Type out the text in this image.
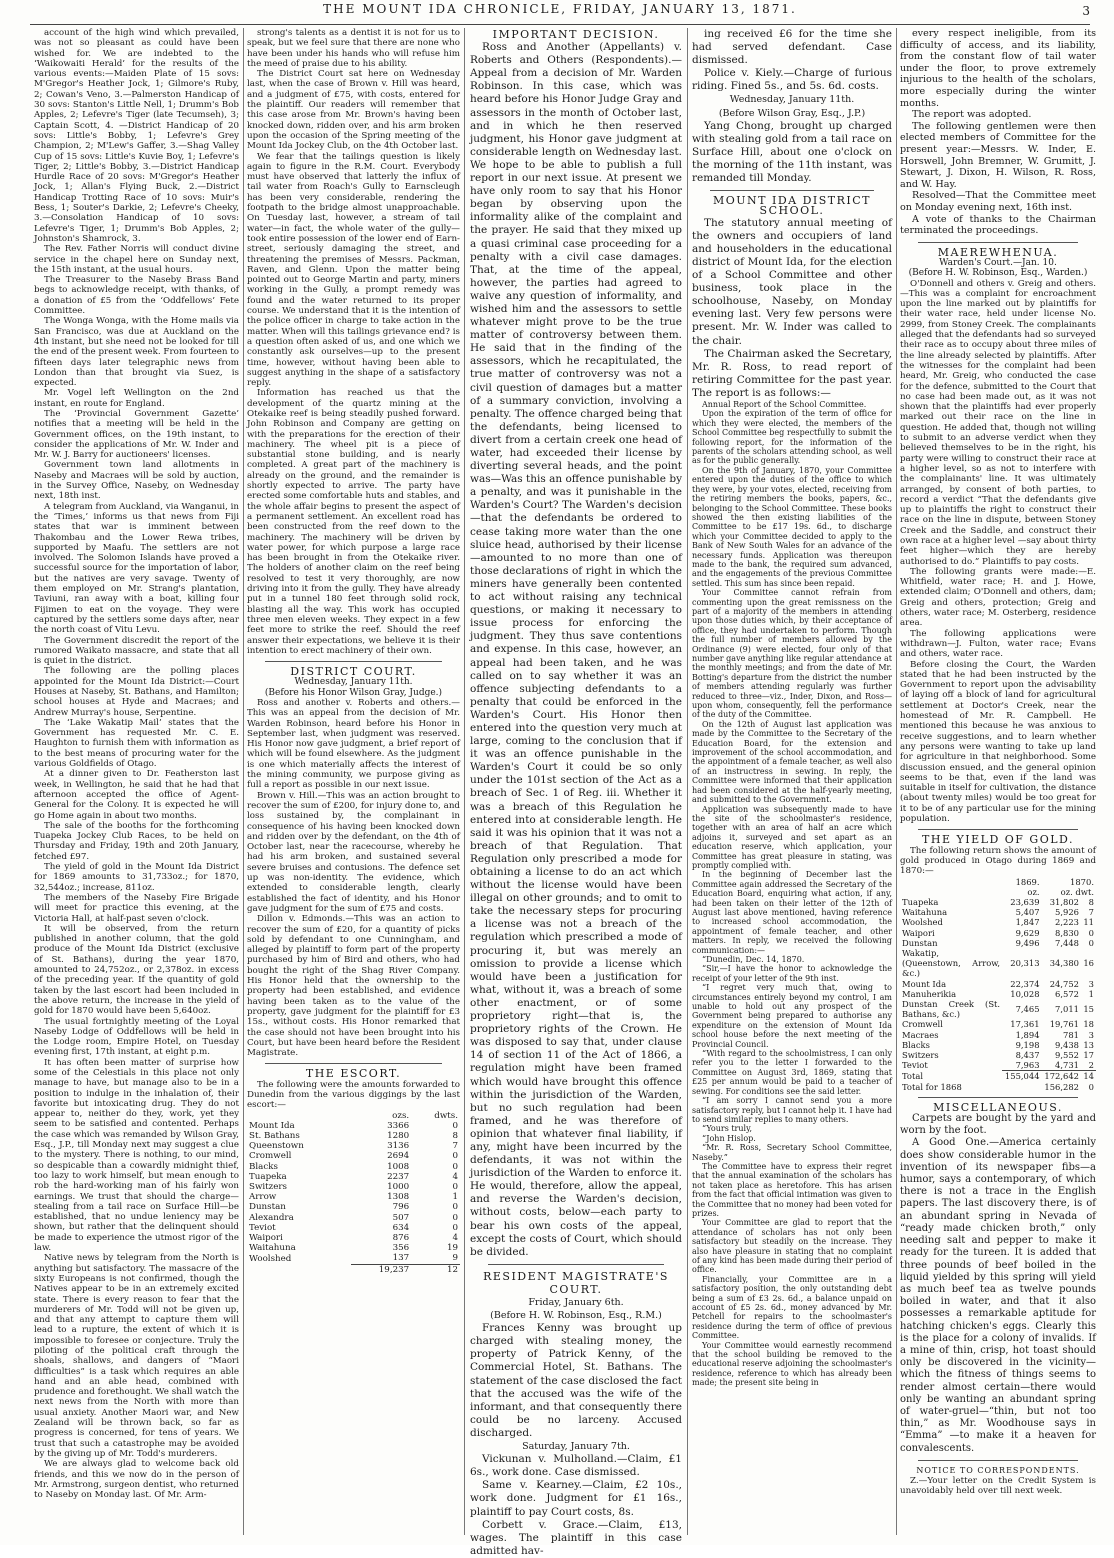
THE MOUNT IDA CHRONICLE, FRIDAY, JANUARY 13, 1871.	3

account of the high wind which prevailed, was not so pleasant as could have been wished for. We are indebted to the ‘Waikowaiti Herald’ for the results of the various events:—Maiden Plate of 15 sovs: M'Gregor's Heather Jock, 1; Gilmore's Ruby, 2; Cowan's Veno, 3.—Palmerston Handicap of 30 sovs: Stanton's Little Nell, 1; Drumm's Bob Apples, 2; Lefevre's Tiger (late Tecumseh), 3; Captain Scott, 4. —District Handicap of 20 sovs: Little's Bobby, 1; Lefevre's Grey Champion, 2; M'Lew's Gaffer, 3.—Shag Valley Cup of 15 sovs: Little's Kuvie Boy, 1; Lefevre's Tiger, 2; Little's Bobby, 3.—District Handicap Hurdle Race of 20 sovs: M'Gregor's Heather Jock, 1; Allan's Flying Buck, 2.—District Handicap Trotting Race of 10 sovs: Muir's Bess, 1; Souter's Darkie, 2; Lefevre's Cheeky, 3.—Consolation Handicap of 10 sovs: Lefevre's Tiger, 1; Drumm's Bob Apples, 2; Johnston's Shamrock, 3.

The Rev. Father Norris will conduct divine service in the chapel here on Sunday next, the 15th instant, at the usual hours.

The Treasurer to the Naseby Brass Band begs to acknowledge receipt, with thanks, of a donation of £5 from the ‘Oddfellows’ Fete Committee.

The Wonga Wonga, with the Home mails via San Francisco, was due at Auckland on the 4th instant, but she need not be looked for till the end of the present week. From fourteen to fifteen days later telegraphic news from London than that brought via Suez, is expected.

Mr. Vogel left Wellington on the 2nd instant, en route for England.

The ‘Provincial Government Gazette’ notifies that a meeting will be held in the Government offices, on the 19th instant, to consider the applications of Mr. W. Inder and Mr. W. J. Barry for auctioneers' licenses.

Government town land allotments in Naseby and Macraes will be sold by auction, in the Survey Office, Naseby, on Wednesday next, 18th inst.

A telegram from Auckland, via Wanganui, in the ‘Times,’ informs us that news from Fiji states that war is imminent between Thakombau and the Lower Rewa tribes, supported by Maafu. The settlers are not involved. The Solomon Islands have proved a successful source for the importation of labor, but the natives are very savage. Twenty of them employed on Mr. Strang's plantation, Taviuni, ran away with a boat, killing four Fijimen to eat on the voyage. They were captured by the settlers some days after, near the north coast of Vitu Levu.

The Government discredit the report of the rumored Waikato massacre, and state that all is quiet in the district.

The following are the polling places appointed for the Mount Ida District:—Court Houses at Naseby, St. Bathans, and Hamilton; school houses at Hyde and Macraes; and Andrew Murray's house, Serpentine.

The ‘Lake Wakatip Mail’ states that the Government has requested Mr. C. E. Haughton to furnish them with information as to the best means of procuring water for the various Goldfields of Otago.

At a dinner given to Dr. Featherston last week, in Wellington, he said that he had that afternoon accepted the office of Agent-General for the Colony. It is expected he will go Home again in about two months.

The sale of the booths for the forthcoming Tuapeka Jockey Club Races, to be held on Thursday and Friday, 19th and 20th January, fetched £97.

The yield of gold in the Mount Ida District for 1869 amounts to 31,733oz.; for 1870, 32,544oz.; increase, 811oz.

The members of the Naseby Fire Brigade will meet for practice this evening, at the Victoria Hall, at half-past seven o'clock.

It will be observed, from the return published in another column, that the gold produce of the Mount Ida District (exclusive of St. Bathans), during the year 1870, amounted to 24,752oz., or 2,378oz. in excess of the preceding year. If the quantity of gold taken by the last escort had been included in the above return, the increase in the yield of gold for 1870 would have been 5,640oz.

The usual fortnightly meeting of the Loyal Naseby Lodge of Oddfellows will be held in the Lodge room, Empire Hotel, on Tuesday evening first, 17th instant, at eight p.m.

It has often been matter of surprise how some of the Celestials in this place not only manage to have, but manage also to be in a position to indulge in the inhalation of, their favorite but intoxicating drug. They do not appear to, neither do they, work, yet they seem to be satisfied and contented. Perhaps the case which was remanded by Wilson Gray, Esq., J.P., till Monday next may suggest a clue to the mystery. There is nothing, to our mind, so despicable than a cowardly midnight thief, too lazy to work himself, but mean enough to rob the hard-working man of his fairly won earnings. We trust that should the charge—stealing from a tail race on Surface Hill—be established, that no undue leniency may be shown, but rather that the delinquent should be made to experience the utmost rigor of the law.

Native news by telegram from the North is anything but satisfactory. The massacre of the sixty Europeans is not confirmed, though the Natives appear to be in an extremely excited state. There is every reason to fear that the murderers of Mr. Todd will not be given up, and that any attempt to capture them will lead to a rupture, the extent of which it is impossible to foresee or conjecture. Truly the piloting of the political craft through the shoals, shallows, and dangers of “Maori difficulties” is a task which requires an able hand and an able head, combined with prudence and forethought. We shall watch the next news from the North with more than usual anxiety. Another Maori war, and New Zealand will be thrown back, so far as progress is concerned, for tens of years. We trust that such a catastrophe may be avoided by the giving up of Mr. Todd's murderers.

We are always glad to welcome back old friends, and this we now do in the person of Mr. Armstrong, surgeon dentist, who returned to Naseby on Monday last. Of Mr. Arm-

strong's talents as a dentist it is not for us to speak, but we feel sure that there are none who have been under his hands who will refuse him the meed of praise due to his ability.

The District Court sat here on Wednesday last, when the case of Brown v. Hill was heard, and a judgment of £75, with costs, entered for the plaintiff. Our readers will remember that this case arose from Mr. Brown's having been knocked down, ridden over, and his arm broken upon the occasion of the Spring meeting of the Mount Ida Jockey Club, on the 4th October last.

We fear that the tailings question is likely again to figure in the R.M. Court. Everybody must have observed that latterly the influx of tail water from Roach's Gully to Earnscleugh has been very considerable, rendering the footpath to the bridge almost unapproachable. On Tuesday last, however, a stream of tail water—in fact, the whole water of the gully—took entire possession of the lower end of Earn-street, seriously damaging the street, and threatening the premises of Messrs. Packman, Raven, and Glenn. Upon the matter being pointed out to George Martin and party, miners working in the Gully, a prompt remedy was found and the water returned to its proper course. We understand that it is the intention of the police officer in charge to take action in the matter. When will this tailings grievance end? is a question often asked of us, and one which we constantly ask ourselves—up to the present time, however, without having been able to suggest anything in the shape of a satisfactory reply.

Information has reached us that the development of the quartz mining at the Otekaike reef is being steadily pushed forward. John Robinson and Company are getting on with the preparations for the erection of their machinery. The wheel pit is a piece of substantial stone building, and is nearly completed. A great part of the machinery is already on the ground, and the remainder is shortly expected to arrive. The party have erected some comfortable huts and stables, and the whole affair begins to present the aspect of a permanent settlement. An excellent road has been constructed from the reef down to the machinery. The machinery will be driven by water power, for which purpose a large race has been brought in from the Otekaike river. The holders of another claim on the reef being resolved to test it very thoroughly, are now driving into it from the gully. They have already put in a tunnel 180 feet through solid rock, blasting all the way. This work has occupied three men eleven weeks. They expect in a few feet more to strike the reef. Should the reef answer their expectations, we believe it is their intention to erect machinery of their own.

DISTRICT COURT.

Wednesday, January 11th.

(Before his Honor Wilson Gray, Judge.)

Ross and another v. Roberts and others.—This was an appeal from the decision of Mr. Warden Robinson, heard before his Honor in September last, when judgment was reserved. His Honor now gave judgment, a brief report of which will be found elsewhere. As the judgment is one which materially affects the interest of the mining community, we purpose giving as full a report as possible in our next issue.

Brown v. Hill.—This was an action brought to recover the sum of £200, for injury done to, and loss sustained by, the complainant in consequence of his having been knocked down and ridden over by the defendant, on the 4th of October last, near the racecourse, whereby he had his arm broken, and sustained several severe bruises and contusions. The defence set up was non-identity. The evidence, which extended to considerable length, clearly established the fact of identity, and his Honor gave judgment for the sum of £75 and costs.

Dillon v. Edmonds.—This was an action to recover the sum of £20, for a quantity of picks sold by defendant to one Cunningham, and alleged by plaintiff to form part of the property purchased by him of Bird and others, who had bought the right of the Shag River Company. His Honor held that the ownership to the property had been established, and evidence having been taken as to the value of the property, gave judgment for the plaintiff for £3 15s., without costs. His Honor remarked that the case should not have been brought into his Court, but have been heard before the Resident Magistrate.

THE ESCORT.

The following were the amounts forwarded to Dunedin from the various diggings by the last escort:—

	ozs.	dwts.
Mount Ida	3366	0
St. Bathans	1280	8
Queenstown	3136	7
Cromwell	2694	0
Blacks	1008	0
Tuapeka	2237	4
Switzers	1000	0
Arrow	1308	1
Dunstan	796	0
Alexandra	507	0
Teviot	634	0
Waipori	876	4
Waitahuna	356	19
Woolshed	137	9
	19,237	12

IMPORTANT DECISION.

Ross and Another (Appellants) v. Roberts and Others (Respondents).—Appeal from a decision of Mr. Warden Robinson. In this case, which was heard before his Honor Judge Gray and assessors in the month of October last, and in which he then reserved judgment, his Honor gave judgment at considerable length on Wednesday last. We hope to be able to publish a full report in our next issue. At present we have only room to say that his Honor began by observing upon the informality alike of the complaint and the prayer. He said that they mixed up a quasi criminal case proceeding for a penalty with a civil case damages. That, at the time of the appeal, however, the parties had agreed to waive any question of informality, and wished him and the assessors to settle whatever might prove to be the true matter of controversy between them. He said that in the finding of the assessors, which he recapitulated, the true matter of controversy was not a civil question of damages but a matter of a summary conviction, involving a penalty. The offence charged being that the defendants, being licensed to divert from a certain creek one head of water, had exceeded their license by diverting several heads, and the point was—Was this an offence punishable by a penalty, and was it punishable in the Warden's Court? The Warden's decision—that the defendants be ordered to cease taking more water than the one sluice head, authorised by their license—amounted to no more than one of those declarations of right in which the miners have generally been contented to act without raising any technical questions, or making it necessary to issue process for enforcing the judgment. They thus save contentions and expense. In this case, however, an appeal had been taken, and he was called on to say whether it was an offence subjecting defendants to a penalty that could be enforced in the Warden's Court. His Honor then entered into the question very much at large, coming to the conclusion that if it was an offence punishable in the Warden's Court it could be so only under the 101st section of the Act as a breach of Sec. 1 of Reg. iii. Whether it was a breach of this Regulation he entered into at considerable length. He said it was his opinion that it was not a breach of that Regulation. That Regulation only prescribed a mode for obtaining a license to do an act which without the license would have been illegal on other grounds; and to omit to take the necessary steps for procuring a license was not a breach of the regulation which prescribed a mode of procuring it, but was merely an omission to provide a license which would have been a justification for what, without it, was a breach of some other enactment, or of some proprietory right—that is, the proprietory rights of the Crown. He was disposed to say that, under clause 14 of section 11 of the Act of 1866, a regulation might have been framed which would have brought this offence within the jurisdiction of the Warden, but no such regulation had been framed, and he was therefore of opinion that whatever final liability, if any, might have been incurred by the defendants, it was not within the jurisdiction of the Warden to enforce it. He would, therefore, allow the appeal, and reverse the Warden's decision, without costs, below—each party to bear his own costs of the appeal, except the costs of Court, which should be divided.

RESIDENT MAGISTRATE'S COURT.

Friday, January 6th.

(Before H. W. Robinson, Esq., R.M.)

Frances Kenny was brought up charged with stealing money, the property of Patrick Kenny, of the Commercial Hotel, St. Bathans. The statement of the case disclosed the fact that the accused was the wife of the informant, and that consequently there could be no larceny. Accused discharged.

Saturday, January 7th.

Vickunan v. Mulholland.—Claim, £1 6s., work done. Case dismissed.

Same v. Kearney.—Claim, £2 10s., work done. Judgment for £1 16s., plaintiff to pay Court costs, 8s.

Corbett v. Grace.—Claim, £13, wages. The plaintiff in this case admitted hav-

ing received £6 for the time she had served defendant. Case dismissed.

Police v. Kiely.—Charge of furious riding. Fined 5s., and 5s. 6d. costs.

Wednesday, January 11th.

(Before Wilson Gray, Esq., J.P.)

Yang Chong, brought up charged with stealing gold from a tail race on Surface Hill, about one o'clock on the morning of the 11th instant, was remanded till Monday.

MOUNT IDA DISTRICT SCHOOL.

The statutory annual meeting of the owners and occupiers of land and householders in the educational district of Mount Ida, for the election of a School Committee and other business, took place in the schoolhouse, Naseby, on Monday evening last. Very few persons were present. Mr. W. Inder was called to the chair.

The Chairman asked the Secretary, Mr. R. Ross, to read report of retiring Committee for the past year. The report is as follows:—

Annual Report of the School Committee.

Upon the expiration of the term of office for which they were elected, the members of the School Committee beg respectfully to submit the following report, for the information of the parents of the scholars attending school, as well as for the public generally.

On the 9th of January, 1870, your Committee entered upon the duties of the office to which they were, by your votes, elected, receiving from the retiring members the books, papers, &c., belonging to the School Committee. These books showed the then existing liabilities of the Committee to be £17 19s. 6d., to discharge which your Committee decided to apply to the Bank of New South Wales for an advance of the necessary funds. Application was thereupon made to the bank, the required sum advanced, and the engagements of the previous Committee settled. This sum has since been repaid.

Your Committee cannot refrain from commenting upon the great remissness on the part of a majority of the members in attending upon those duties which, by their acceptance of office, they had undertaken to perform. Though the full number of members allowed by the Ordinance (9) were elected, four only of that number gave anything like regular attendance at the monthly meetings; and from the date of Mr. Botting's departure from the district the number of members attending regularly was further reduced to three—viz., Inder, Dixon, and Ross—upon whom, consequently, fell the performance of the duty of the Committee.

On the 12th of August last application was made by the Committee to the Secretary of the Education Board, for the extension and improvement of the school accommodation, and the appointment of a female teacher, as well also of an instructress in sewing. In reply, the Committee were informed that their application had been considered at the half-yearly meeting, and submitted to the Government.

Application was subsequently made to have the site of the schoolmaster's residence, together with an area of half an acre which adjoins it, surveyed and set apart as an education reserve, which application, your Committee has great pleasure in stating, was promptly complied with.

In the beginning of December last the Committee again addressed the Secretary of the Education Board, enquiring what action, if any, had been taken on their letter of the 12th of August last above mentioned, having reference to increased school accommodation, the appointment of female teacher, and other matters. In reply, we received the following communication:—

“Dunedin, Dec. 14, 1870.

“Sir,—I have the honor to acknowledge the receipt of your letter of the 9th inst.

“I regret very much that, owing to circumstances entirely beyond my control, I am unable to hold out any prospect of the Government being prepared to authorise any expenditure on the extension of Mount Ida school house before the next meeting of the Provincial Council.

“With regard to the schoolmistress, I can only refer you to the letter I forwarded to the Committee on August 3rd, 1869, stating that £25 per annum would be paid to a teacher of sewing. For conditions see the said letter.

“I am sorry I cannot send you a more satisfactory reply, but I cannot help it. I have had to send similar replies to many others.

“Yours truly,

“John Hislop.

“Mr. R. Ross, Secretary School Committee, Naseby.”

The Committee have to express their regret that the annual examination of the scholars has not taken place as heretofore. This has arisen from the fact that official intimation was given to the Committee that no money had been voted for prizes.

Your Committee are glad to report that the attendance of scholars has not only been satisfactory but steadily on the increase. They also have pleasure in stating that no complaint of any kind has been made during their period of office.

Financially, your Committee are in a satisfactory position, the only outstanding debt being a sum of £3 2s. 6d., a balance unpaid on account of £5 2s. 6d., money advanced by Mr. Petchell for repairs to the schoolmaster's residence during the term of office of previous Committee.

Your Committee would earnestly recommend that the school building be removed to the educational reserve adjoining the schoolmaster's residence, reference to which has already been made; the present site being in

every respect ineligible, from its difficulty of access, and its liability, from the constant flow of tail water under the floor, to prove extremely injurious to the health of the scholars, more especially during the winter months.

The report was adopted.

The following gentlemen were then elected members of Committee for the present year:—Messrs. W. Inder, E. Horswell, John Bremner, W. Grumitt, J. Stewart, J. Dixon, H. Wilson, R. Ross, and W. Hay.

Resolved—That the Committee meet on Monday evening next, 16th inst.

A vote of thanks to the Chairman terminated the proceedings.

MAEREWHENUA.

Warden's Court.—Jan. 10.

(Before H. W. Robinson, Esq., Warden.)

O'Donnell and others v. Greig and others.—This was a complaint for encroachment upon the line marked out by plaintiffs for their water race, held under license No. 2999, from Stoney Creek. The complainants alleged that the defendants had so surveyed their race as to occupy about three miles of the line already selected by plaintiffs. After the witnesses for the complaint had been heard, Mr. Greig, who conducted the case for the defence, submitted to the Court that no case had been made out, as it was not shown that the plaintiffs had ever properly marked out their race on the line in question. He added that, though not willing to submit to an adverse verdict when they believed themselves to be in the right, his party were willing to construct their race at a higher level, so as not to interfere with the complainants' line. It was ultimately arranged, by consent of both parties, to record a verdict “That the defendants give up to plaintiffs the right to construct their race on the line in dispute, between Stoney Creek and the Saddle, and construct their own race at a higher level —say about thirty feet higher—which they are hereby authorised to do.” Plaintiffs to pay costs.

The following grants were made:—E. Whitfield, water race; H. and J. Howe, extended claim; O'Donnell and others, dam; Greig and others, protection; Greig and others, water race; M. Osterberg, residence area.

The following applications were withdrawn—J. Fulton, water race; Evans and others, water race.

Before closing the Court, the Warden stated that he had been instructed by the Government to report upon the advisability of laying off a block of land for agricultural settlement at Doctor's Creek, near the homestead of Mr. R. Campbell. He mentioned this because he was anxious to receive suggestions, and to learn whether any persons were wanting to take up land for agriculture in that neighborhood. Some discussion ensued, and the general opinion seems to be that, even if the land was suitable in itself for cultivation, the distance (about twenty miles) would be too great for it to be of any particular use for the mining population.

THE YIELD OF GOLD.

The following return shows the amount of gold produced in Otago during 1869 and 1870:—

	1869.	1870.	
	oz.	oz. dwt.	
Tuapeka	23,639	31,802	8
Waitahuna	5,407	5,926	7
Woolshed	1,847	2,223	11
Waipori	9,629	8,830	0
Dunstan	9,496	7,448	0
Wakatip, (Queenstown, Arrow, &c.)	20,313	34,380	16
Mount Ida	22,374	24,752	3
Manuherikia	10,028	6,572	1
Dunstan Creek (St. Bathans, &c.)	7,465	7,011	15
Cromwell	17,361	19,761	18
Macraes	1,894	781	3
Blacks	9,198	9,438	13
Switzers	8,437	9,552	17
Teviot	7,963	4,731	2
Total	155,044	172,642	14
Total for 1868		156,282	0

MISCELLANEOUS.

Carpets are bought by the yard and worn by the foot.

A Good One.—America certainly does show considerable humor in the invention of its newspaper fibs—a humor, says a contemporary, of which there is not a trace in the English papers. The last discovery there, is of an abundant spring in Nevada of “ready made chicken broth,” only needing salt and pepper to make it ready for the tureen. It is added that three pounds of beef boiled in the liquid yielded by this spring will yield as much beef tea as twelve pounds boiled in water, and that it also possesses a remarkable aptitude for hatching chicken's eggs. Clearly this is the place for a colony of invalids. If a mine of thin, crisp, hot toast should only be discovered in the vicinity—which the fitness of things seems to render almost certain—there would only be wanting an abundant spring of water-gruel—“thin, but not too thin,” as Mr. Woodhouse says in “Emma” —to make it a heaven for convalescents.

NOTICE TO CORRESPONDENTS.

Z.—Your letter on the Credit System is unavoidably held over till next week.
